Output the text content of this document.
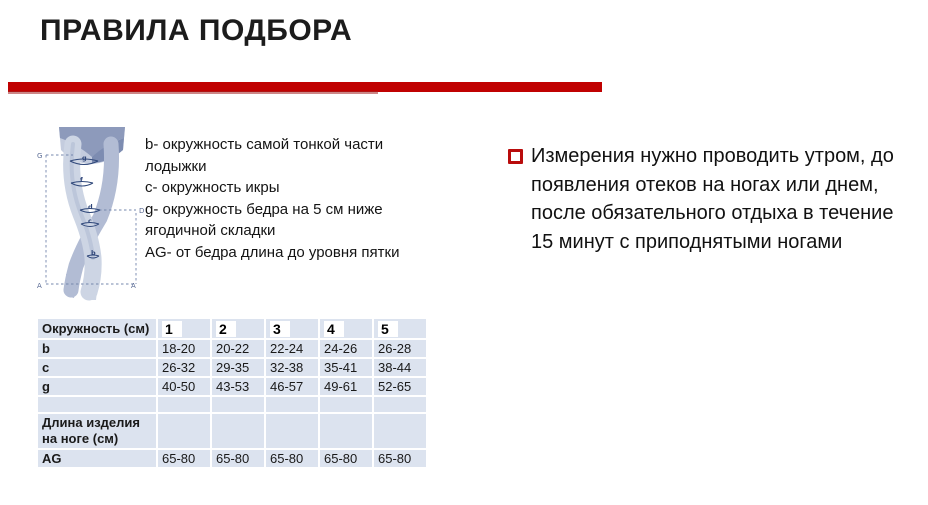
ПРАВИЛА ПОДБОРА
G
D
A	A
g
f
d
c
b

b- окружность самой тонкой части лодыжки

c- окружность икры

g- окружность бедра на 5 см ниже ягодичной складки

AG- от бедра длина до уровня пятки

Измерения нужно проводить утром, до появления отеков на ногах или днем, после обязательного отдыха в течение 15 минут с приподнятыми ногами

Окружность (см)	1	2	3	4	5
b	18-20	20-22	22-24	24-26	26-28
c	26-32	29-35	32-38	35-41	38-44
g	40-50	43-53	46-57	49-61	52-65

Длина изделия на ноге (см)					
AG	65-80	65-80	65-80	65-80	65-80
